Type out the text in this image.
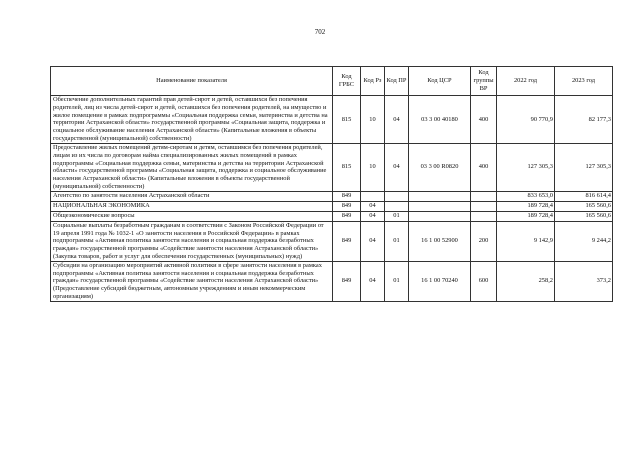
702
Наименование показателя	Код ГРБС	Код Рз	Код ПР	Код ЦСР	Код группы ВР	2022 год	2023 год
Обеспечение дополнительных гарантий прав детей-сирот и детей, оставшихся без попечения родителей, лиц из числа детей-сирот и детей, оставшихся без попечения родителей, на имущество и жилое помещение в рамках подпрограммы «Социальная поддержка семьи, материнства и детства на территории Астраханской области» государственной программы «Социальная защита, поддержка и социальное обслуживание населения Астраханской области» (Капитальные вложения в объекты государственной (муниципальной) собственности)	815	10	04	03 3 00 40180	400	90 770,9	82 177,3
Предоставление жилых помещений детям-сиротам и детям, оставшимся без попечения родителей, лицам из их числа по договорам найма специализированных жилых помещений в рамках подпрограммы «Социальная поддержка семьи, материнства и детства на территории Астраханской области» государственной программы «Социальная защита, поддержка и социальное обслуживание населения Астраханской области» (Капитальные вложения в объекты государственной (муниципальной) собственности)	815	10	04	03 3 00 R0820	400	127 305,3	127 305,3
Агентство по занятости населения Астраханской области	849					833 653,0	816 614,4
НАЦИОНАЛЬНАЯ ЭКОНОМИКА	849	04				189 728,4	165 560,6
Общеэкономические вопросы	849	04	01			189 728,4	165 560,6
Социальные выплаты безработным гражданам в соответствии с Законом Российской Федерации от 19 апреля 1991 года № 1032-1 «О занятости населения в Российской Федерации» в рамках подпрограммы «Активная политика занятости населения и социальная поддержка безработных граждан» государственной программы «Содействие занятости населения Астраханской области» (Закупка товаров, работ и услуг для обеспечения государственных (муниципальных) нужд)	849	04	01	16 1 00 52900	200	9 142,9	9 244,2
Субсидии на организацию мероприятий активной политики в сфере занятости населения в рамках подпрограммы «Активная политика занятости населения и социальная поддержка безработных граждан» государственной программы «Содействие занятости населения Астраханской области» (Предоставление субсидий бюджетным, автономным учреждениям и иным некоммерческим организациям)	849	04	01	16 1 00 70240	600	258,2	373,2
